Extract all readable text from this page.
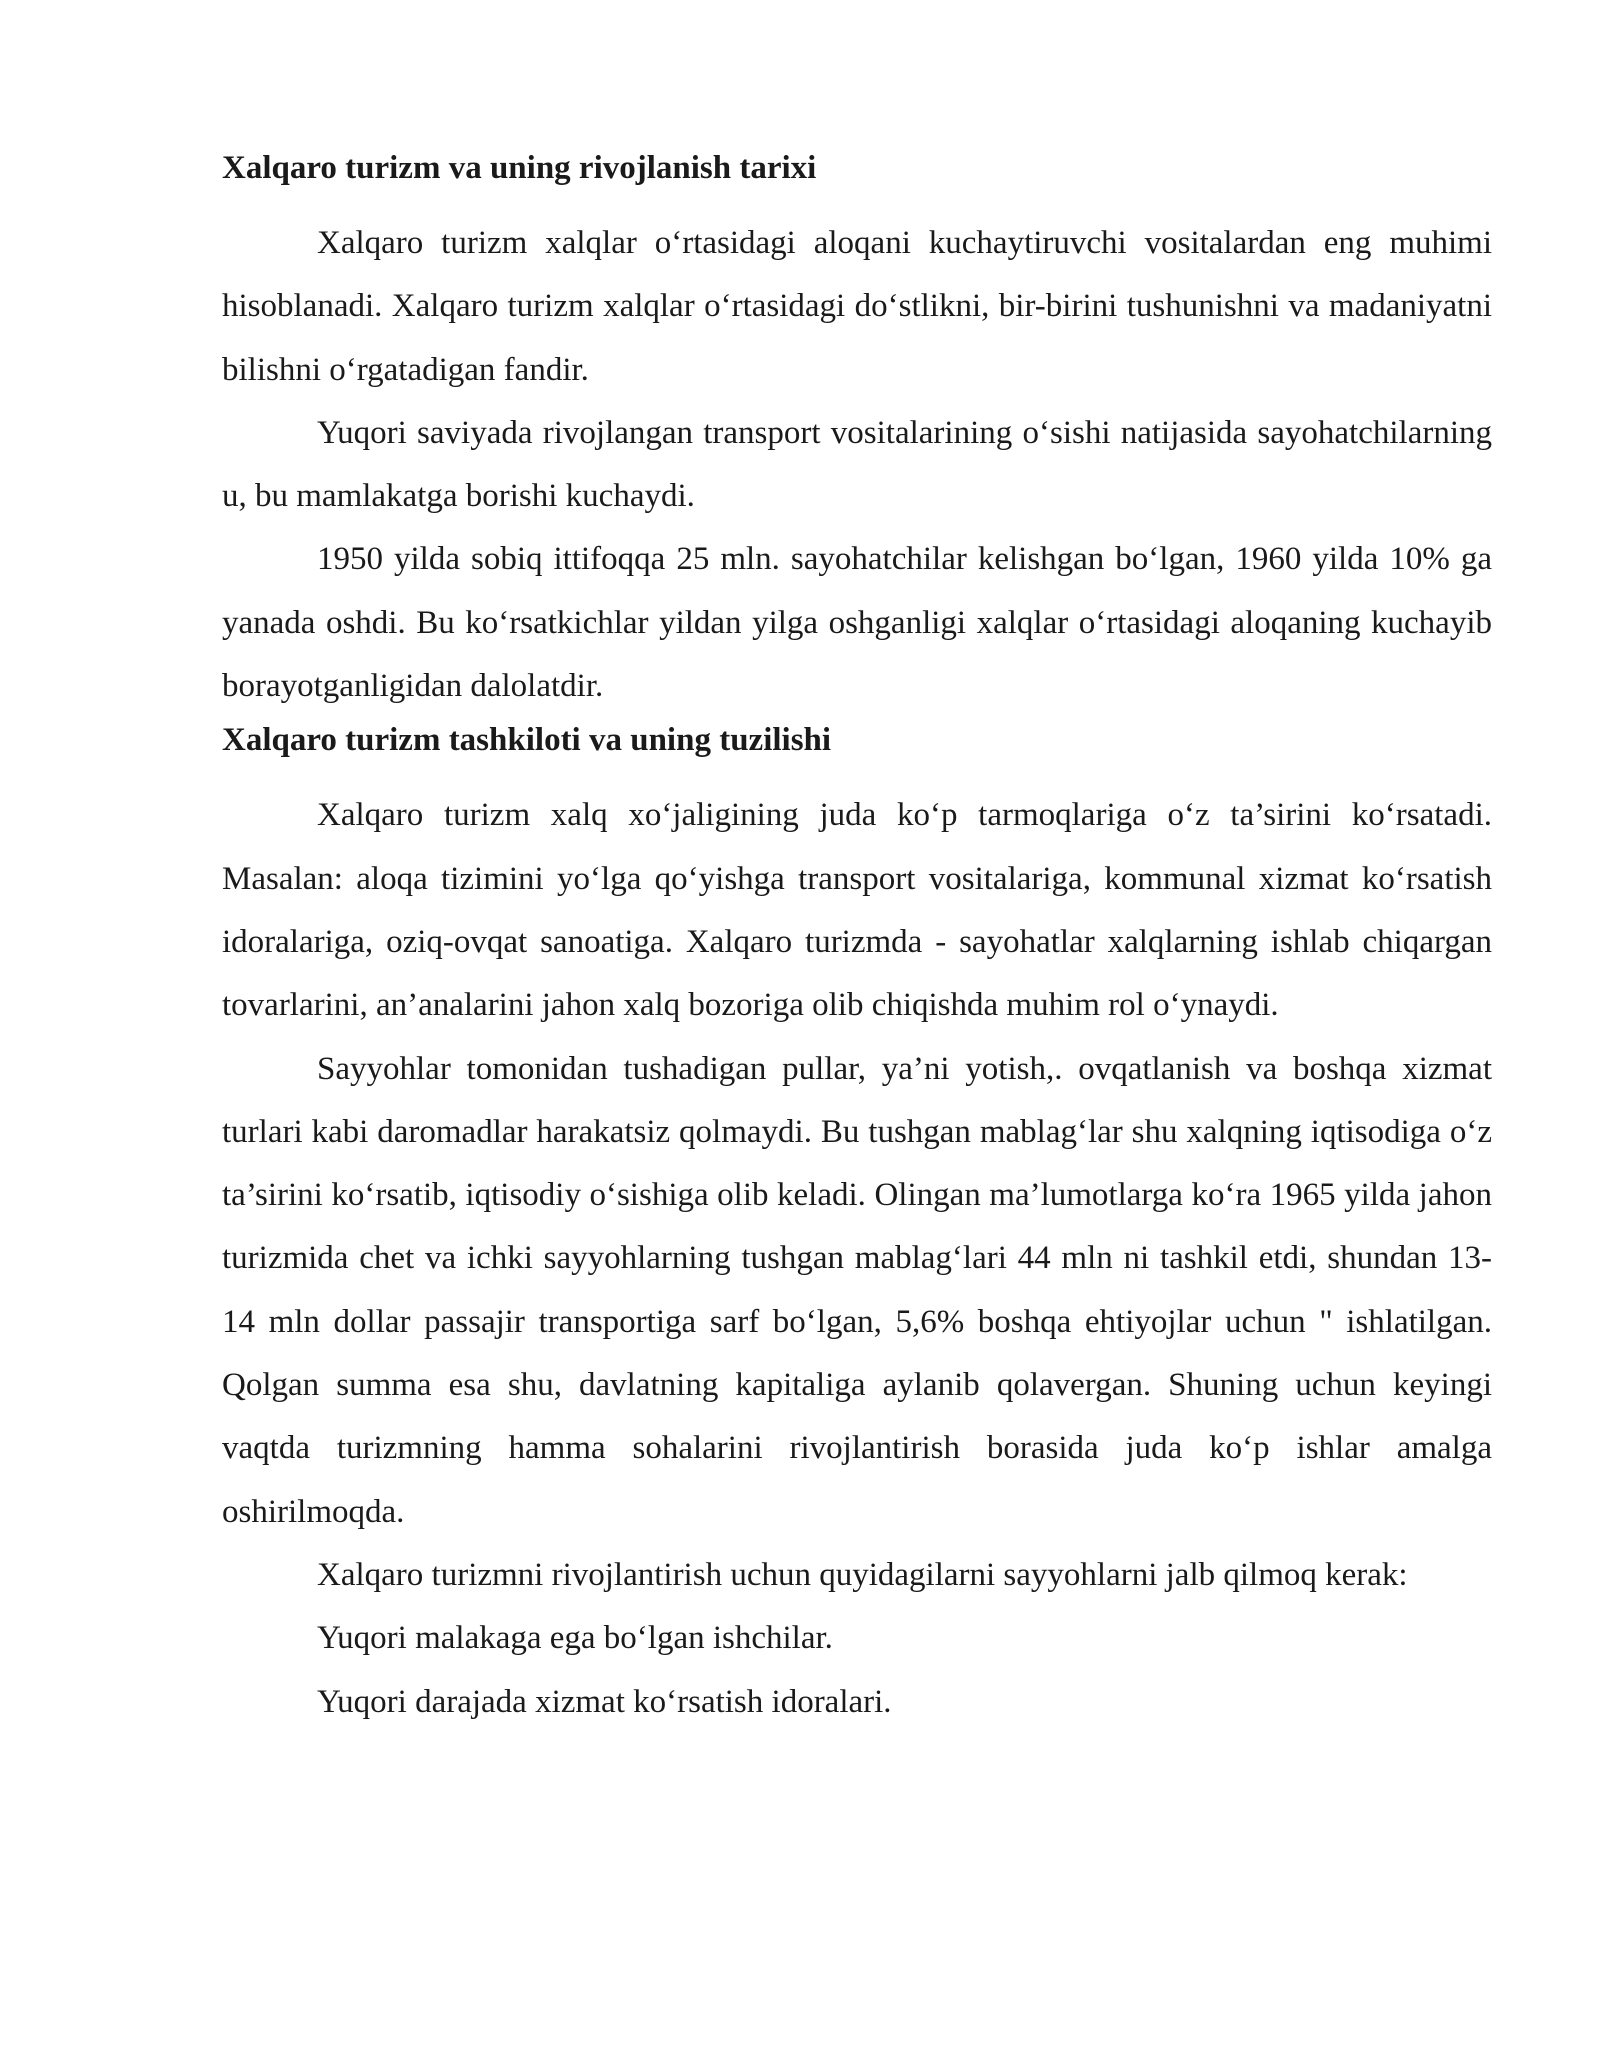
Xalqaro turizm va uning rivojlanish tarixi

Xalqaro turizm xalqlar oʻrtasidagi aloqani kuchaytiruvchi vositalardan eng muhimi hisoblanadi. Xalqaro turizm xalqlar oʻrtasidagi doʻstlikni, bir-birini tushunishni va madaniyatni bilishni oʻrgatadigan fandir.

Yuqori saviyada rivojlangan transport vositalarining oʻsishi natijasida sayohatchilarning u, bu mamlakatga borishi kuchaydi.

1950 yilda sobiq ittifoqqa 25 mln. sayohatchilar kelishgan boʻlgan, 1960 yilda 10% ga yanada oshdi. Bu koʻrsatkichlar yildan yilga oshganligi xalqlar oʻrtasidagi aloqaning kuchayib borayotganligidan dalolatdir.

Xalqaro turizm tashkiloti va uning tuzilishi

Xalqaro turizm xalq xoʻjaligining juda koʻp tarmoqlariga oʻz ta’sirini koʻrsatadi. Masalan: aloqa tizimini yoʻlga qoʻyishga transport vositalariga, kommunal xizmat koʻrsatish idoralariga, oziq-ovqat sanoatiga. Xalqaro turizmda - sayohatlar xalqlarning ishlab chiqargan tovarlarini, an’analarini jahon xalq bozoriga olib chiqishda muhim rol oʻynaydi.

Sayyohlar tomonidan tushadigan pullar, ya’ni yotish,. ovqatlanish va boshqa xizmat turlari kabi daromadlar harakatsiz qolmaydi. Bu tushgan mablagʻlar shu xalqning iqtisodiga oʻz ta’sirini koʻrsatib, iqtisodiy oʻsishiga olib keladi. Olingan ma’lumotlarga koʻra 1965 yilda jahon turizmida chet va ichki sayyohlarning tushgan mablagʻlari 44 mln ni tashkil etdi, shundan 13-14 mln dollar passajir transportiga sarf boʻlgan, 5,6% boshqa ehtiyojlar uchun " ishlatilgan. Qolgan summa esa shu, davlatning kapitaliga aylanib qolavergan. Shuning uchun keyingi vaqtda turizmning hamma sohalarini rivojlantirish borasida juda koʻp ishlar amalga oshirilmoqda.

Xalqaro turizmni rivojlantirish uchun quyidagilarni sayyohlarni jalb qilmoq kerak:

Yuqori malakaga ega boʻlgan ishchilar.

Yuqori darajada xizmat koʻrsatish idoralari.
